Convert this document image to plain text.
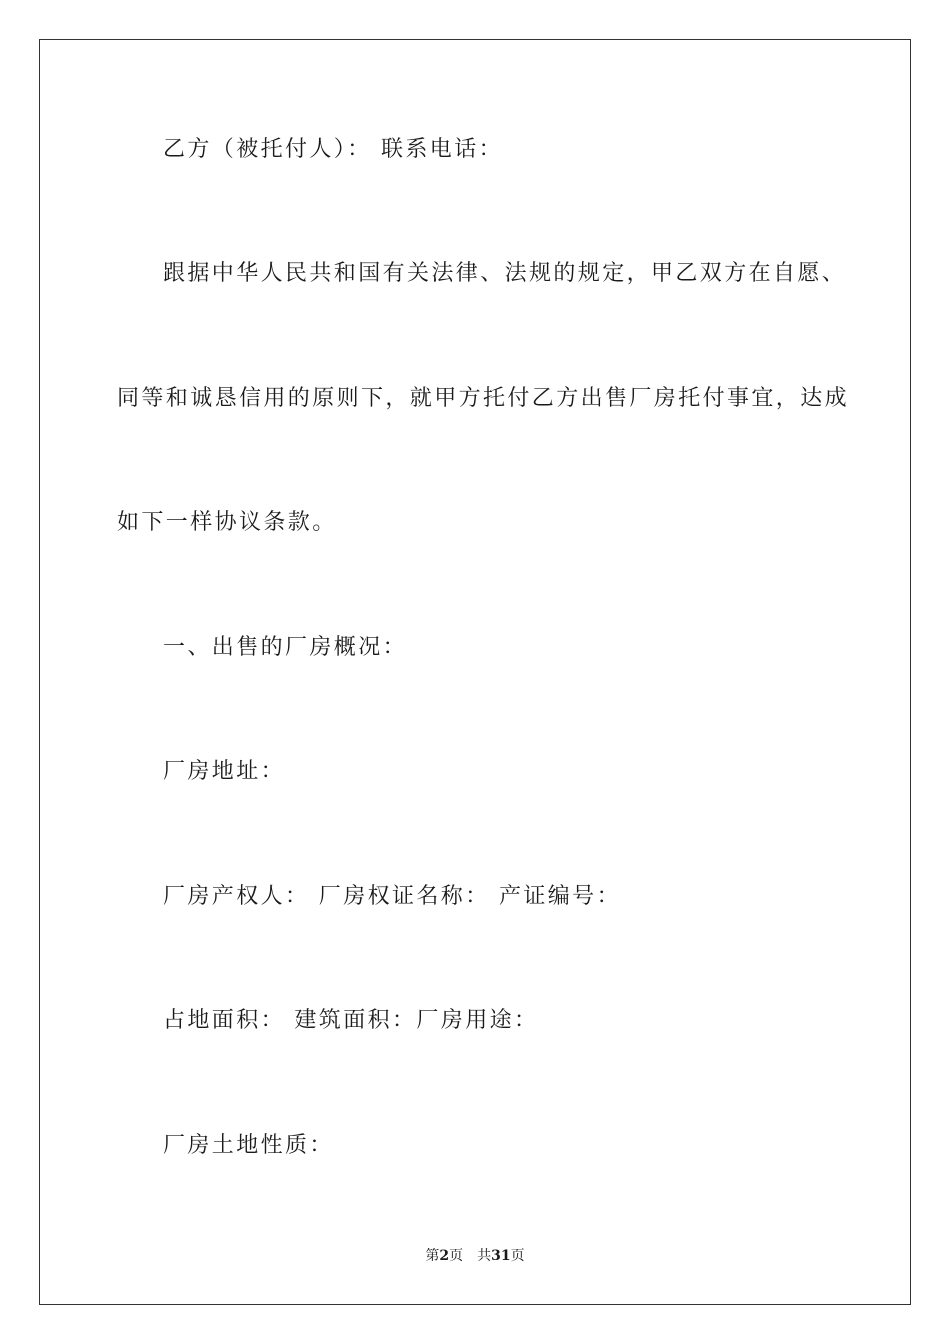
乙方（被托付人）： 联系电话：
跟据中华人民共和国有关法律、法规的规定，甲乙双方在自愿、
同等和诚恳信用的原则下，就甲方托付乙方出售厂房托付事宜，达成
如下一样协议条款。
一、出售的厂房概况：
厂房地址：
厂房产权人： 厂房权证名称： 产证编号：
占地面积： 建筑面积：厂房用途：
厂房土地性质：
第2页 共31页
